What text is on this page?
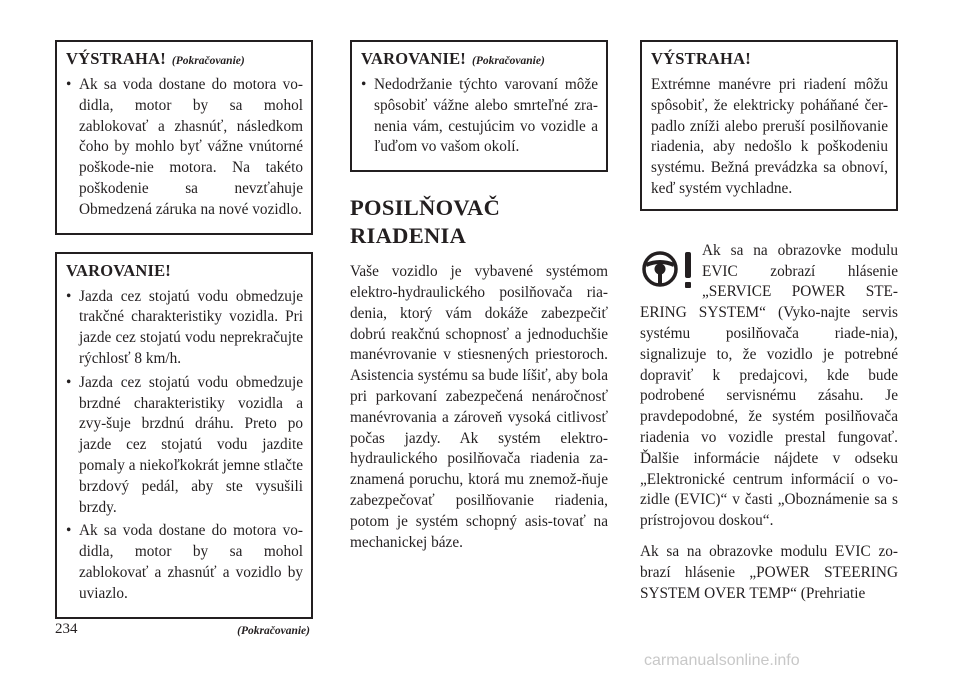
VÝSTRAHA! (Pokračovanie)
• Ak sa voda dostane do motora vo-didla, motor by sa mohol zablokovať a zhasnúť, následkom čoho by mohlo byť vážne vnútorné poškode-nie motora. Na takéto poškodenie sa nevzťahuje Obmedzená záruka na nové vozidlo.
VAROVANIE!
• Jazda cez stojatú vodu obmedzuje trakčné charakteristiky vozidla. Pri jazde cez stojatú vodu neprekračujte rýchlosť 8 km/h.
• Jazda cez stojatú vodu obmedzuje brzdné charakteristiky vozidla a zvy-šuje brzdnú dráhu. Preto po jazde cez stojatú vodu jazdite pomaly a niekoľkokrát jemne stlačte brzdový pedál, aby ste vysušili brzdy.
• Ak sa voda dostane do motora vo-didla, motor by sa mohol zablokovať a zhasnúť a vozidlo by uviazlo.
(Pokračovanie)
VAROVANIE! (Pokračovanie)
• Nedodržanie týchto varovaní môže spôsobiť vážne alebo smrteľné zra-nenia vám, cestujúcim vo vozidle a ľuďom vo vašom okolí.
POSILŇOVAČ
RIADENIA

Vaše vozidlo je vybavené systémom elektro-hydraulického posilňovača ria-denia, ktorý vám dokáže zabezpečiť dobrú reakčnú schopnosť a jednoduchšie manévrovanie v stiesnených priestoroch. Asistencia systému sa bude líšiť, aby bola pri parkovaní zabezpečená nenáročnosť manévrovania a zároveň vysoká citlivosť počas jazdy. Ak systém elektro-hydraulického posilňovača riadenia za-znamená poruchu, ktorá mu znemož-ňuje zabezpečovať posilňovanie riadenia, potom je systém schopný asis-tovať na mechanickej báze.

VÝSTRAHA!

Extrémne manévre pri riadení môžu spôsobiť, že elektricky poháňané čer-padlo zníži alebo preruší posilňovanie riadenia, aby nedošlo k poškodeniu systému. Bežná prevádzka sa obnoví, keď systém vychladne.

Ak sa na obrazovke modulu EVIC zobrazí hlásenie „SERVICE POWER STE-ERING SYSTEM“ (Vyko-najte servis systému posilňovača riade-nia), signalizuje to, že vozidlo je potrebné dopraviť k predajcovi, kde bude podrobené servisnému zásahu. Je pravdepodobné, že systém posilňovača riadenia vo vozidle prestal fungovať. Ďalšie informácie nájdete v odseku „Elektronické centrum informácií o vo-zidle (EVIC)“ v časti „Oboznámenie sa s prístrojovou doskou“.

Ak sa na obrazovke modulu EVIC zo-brazí hlásenie „POWER STEERING SYSTEM OVER TEMP“ (Prehriatie

234
carmanualsonline.info
